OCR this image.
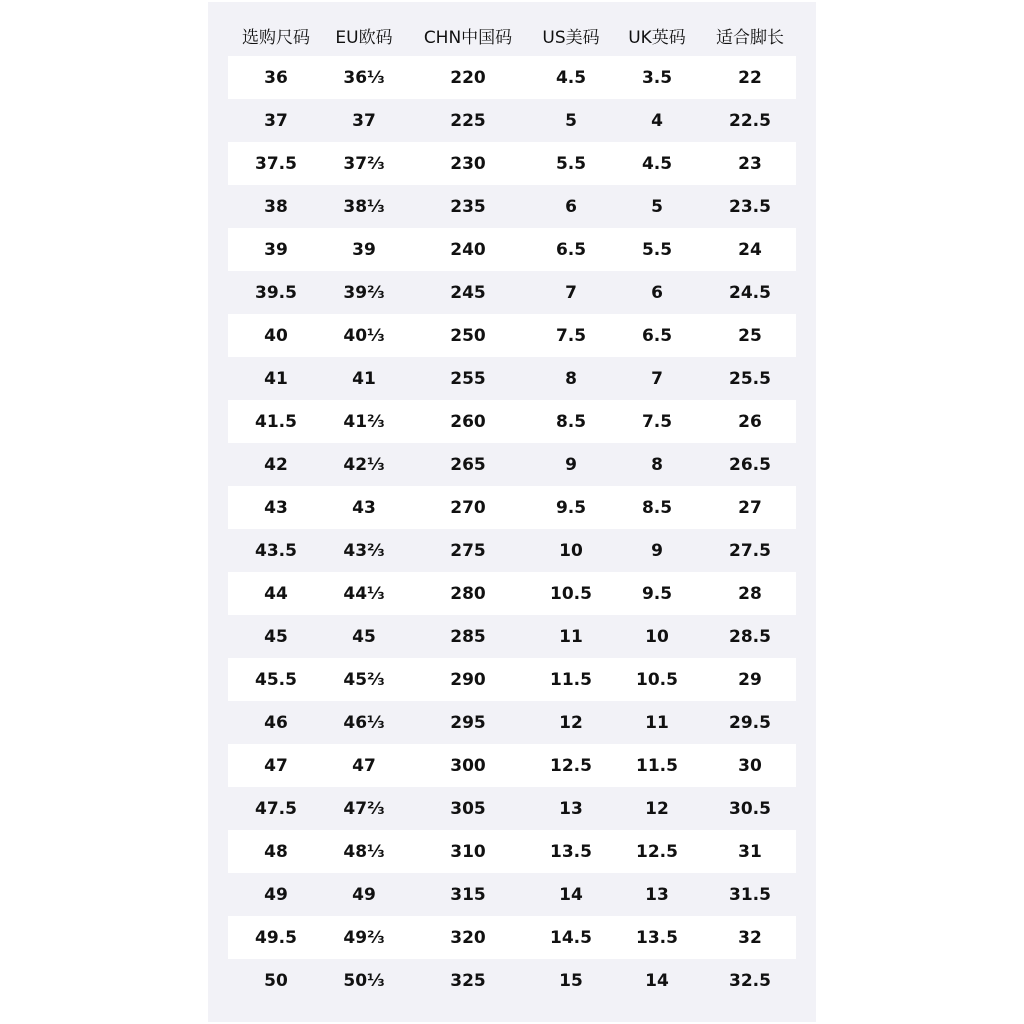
选购尺码	EU欧码	CHN中国码	US美码	UK英码	适合脚长
36	36⅓	220	4.5	3.5	22
37	37	225	5	4	22.5
37.5	37⅔	230	5.5	4.5	23
38	38⅓	235	6	5	23.5
39	39	240	6.5	5.5	24
39.5	39⅔	245	7	6	24.5
40	40⅓	250	7.5	6.5	25
41	41	255	8	7	25.5
41.5	41⅔	260	8.5	7.5	26
42	42⅓	265	9	8	26.5
43	43	270	9.5	8.5	27
43.5	43⅔	275	10	9	27.5
44	44⅓	280	10.5	9.5	28
45	45	285	11	10	28.5
45.5	45⅔	290	11.5	10.5	29
46	46⅓	295	12	11	29.5
47	47	300	12.5	11.5	30
47.5	47⅔	305	13	12	30.5
48	48⅓	310	13.5	12.5	31
49	49	315	14	13	31.5
49.5	49⅔	320	14.5	13.5	32
50	50⅓	325	15	14	32.5
